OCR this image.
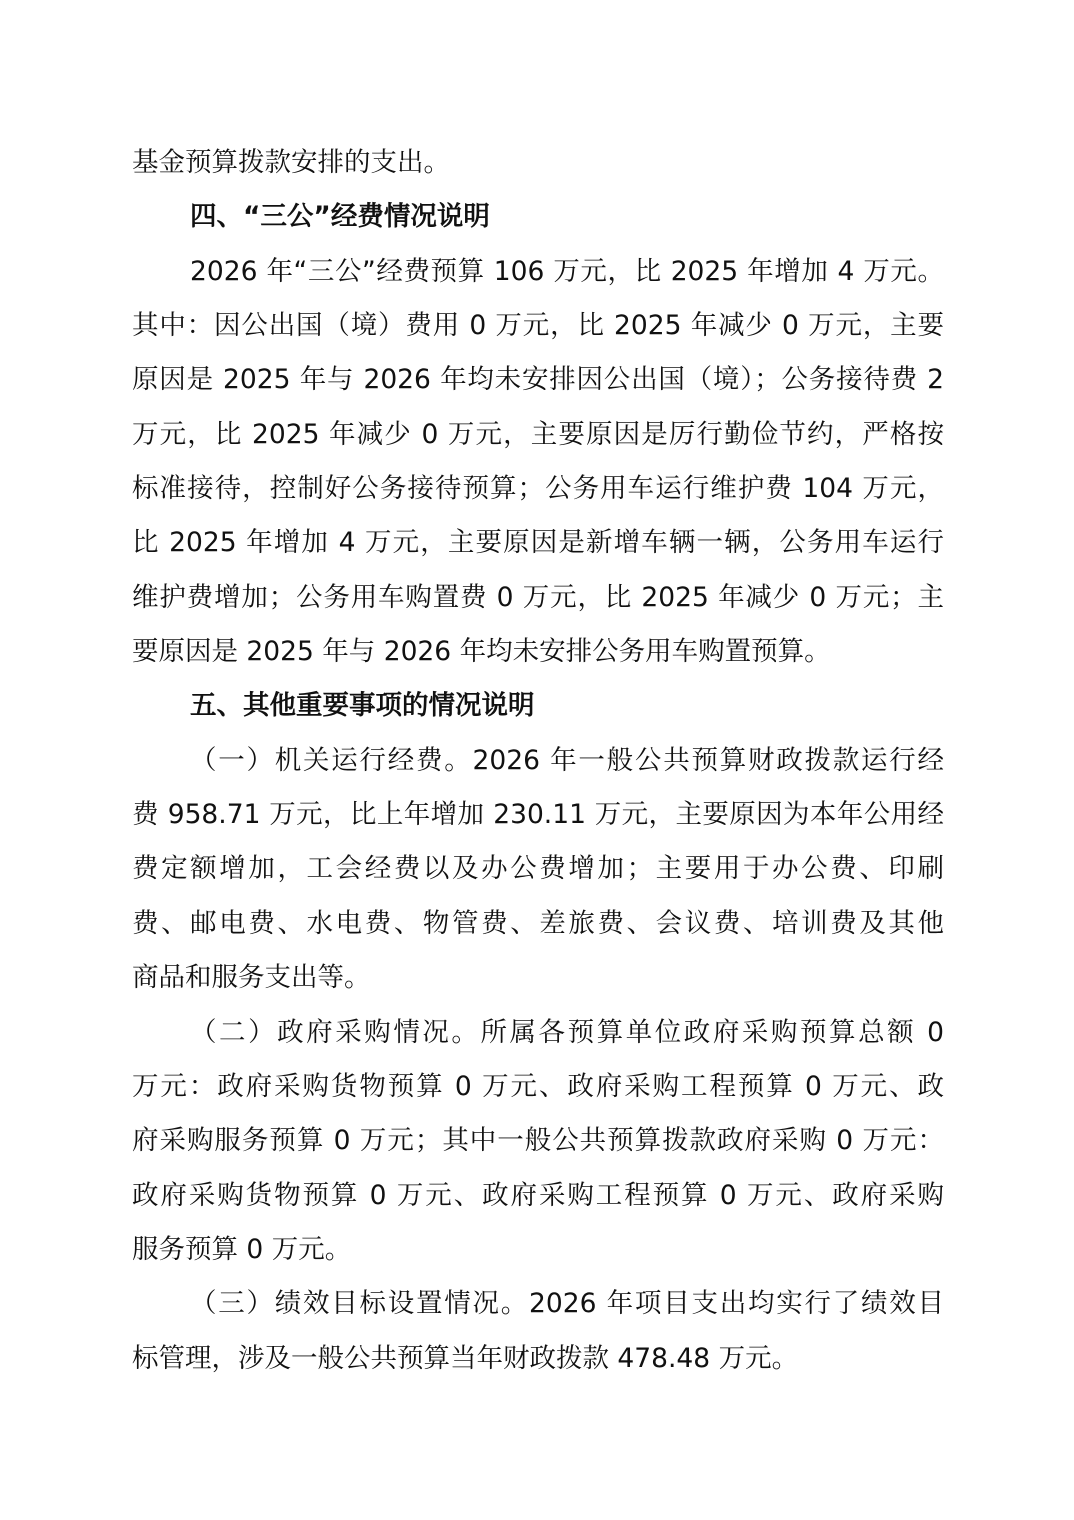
基金预算拨款安排的支出。
四、“三公”经费情况说明
2026 年“三公”经费预算 106 万元，比 2025 年增加 4 万元。
其中：因公出国（境）费用 0 万元，比 2025 年减少 0 万元，主要
原因是 2025 年与 2026 年均未安排因公出国（境）；公务接待费 2
万元，比 2025 年减少 0 万元，主要原因是厉行勤俭节约，严格按
标准接待，控制好公务接待预算；公务用车运行维护费 104 万元，
比 2025 年增加 4 万元，主要原因是新增车辆一辆，公务用车运行
维护费增加；公务用车购置费 0 万元，比 2025 年减少 0 万元；主
要原因是 2025 年与 2026 年均未安排公务用车购置预算。
五、其他重要事项的情况说明
（一）机关运行经费。2026 年一般公共预算财政拨款运行经
费 958.71 万元，比上年增加 230.11 万元，主要原因为本年公用经
费定额增加，工会经费以及办公费增加；主要用于办公费、印刷
费、邮电费、水电费、物管费、差旅费、会议费、培训费及其他
商品和服务支出等。
（二）政府采购情况。所属各预算单位政府采购预算总额 0
万元：政府采购货物预算 0 万元、政府采购工程预算 0 万元、政
府采购服务预算 0 万元；其中一般公共预算拨款政府采购 0 万元：
政府采购货物预算 0 万元、政府采购工程预算 0 万元、政府采购
服务预算 0 万元。
（三）绩效目标设置情况。2026 年项目支出均实行了绩效目
标管理，涉及一般公共预算当年财政拨款 478.48 万元。
